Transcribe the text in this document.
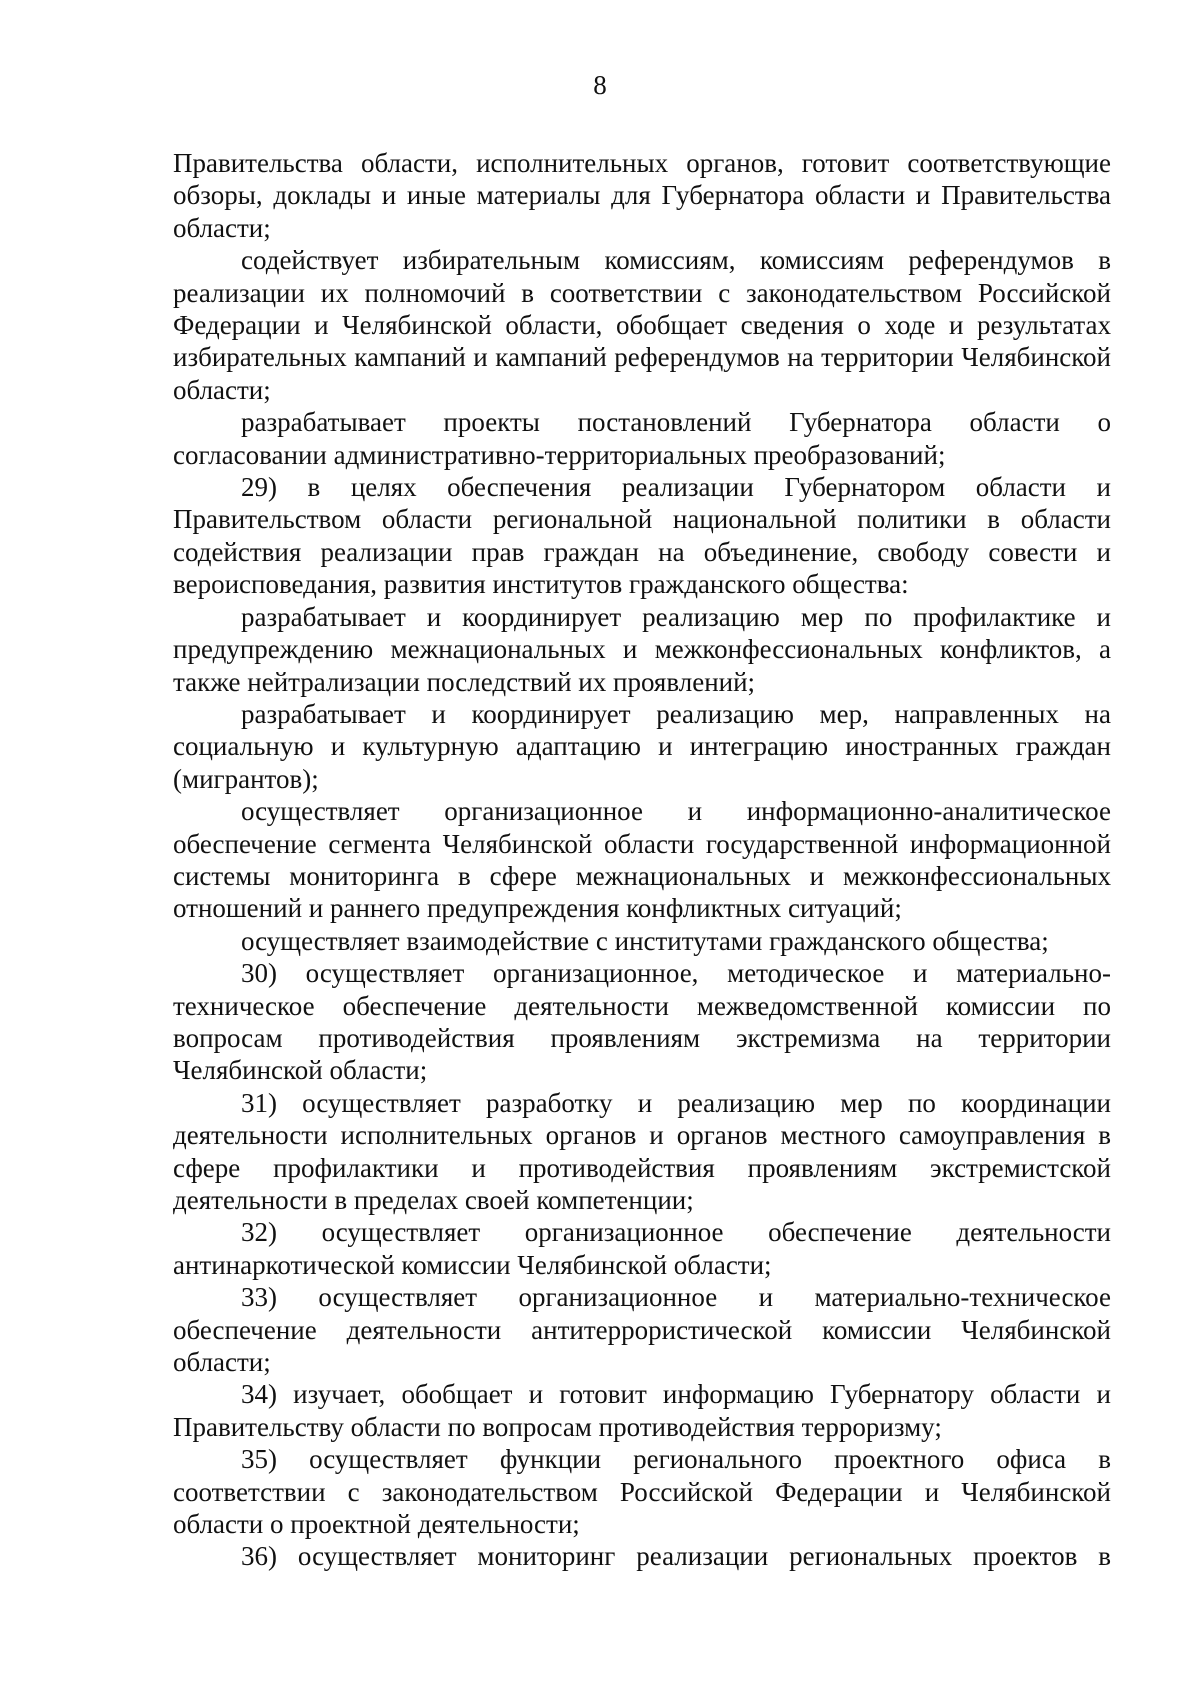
8

Правительства области, исполнительных органов, готовит соответствующие обзоры, доклады и иные материалы для Губернатора области и Правительства области;

содействует избирательным комиссиям, комиссиям референдумов в реализации их полномочий в соответствии с законодательством Российской Федерации и Челябинской области, обобщает сведения о ходе и результатах избирательных кампаний и кампаний референдумов на территории Челябинской области;

разрабатывает проекты постановлений Губернатора области о согласовании административно-территориальных преобразований;

29) в целях обеспечения реализации Губернатором области и Правительством области региональной национальной политики в области содействия реализации прав граждан на объединение, свободу совести и вероисповедания, развития институтов гражданского общества:

разрабатывает и координирует реализацию мер по профилактике и предупреждению межнациональных и межконфессиональных конфликтов, а также нейтрализации последствий их проявлений;

разрабатывает и координирует реализацию мер, направленных на социальную и культурную адаптацию и интеграцию иностранных граждан (мигрантов);

осуществляет организационное и информационно-аналитическое обеспечение сегмента Челябинской области государственной информационной системы мониторинга в сфере межнациональных и межконфессиональных отношений и раннего предупреждения конфликтных ситуаций;

осуществляет взаимодействие с институтами гражданского общества;

30) осуществляет организационное, методическое и материально-техническое обеспечение деятельности межведомственной комиссии по вопросам противодействия проявлениям экстремизма на территории Челябинской области;

31) осуществляет разработку и реализацию мер по координации деятельности исполнительных органов и органов местного самоуправления в сфере профилактики и противодействия проявлениям экстремистской деятельности в пределах своей компетенции;

32) осуществляет организационное обеспечение деятельности антинаркотической комиссии Челябинской области;

33) осуществляет организационное и материально-техническое обеспечение деятельности антитеррористической комиссии Челябинской области;

34) изучает, обобщает и готовит информацию Губернатору области и Правительству области по вопросам противодействия терроризму;

35) осуществляет функции регионального проектного офиса в соответствии с законодательством Российской Федерации и Челябинской области о проектной деятельности;

36) осуществляет мониторинг реализации региональных проектов в
